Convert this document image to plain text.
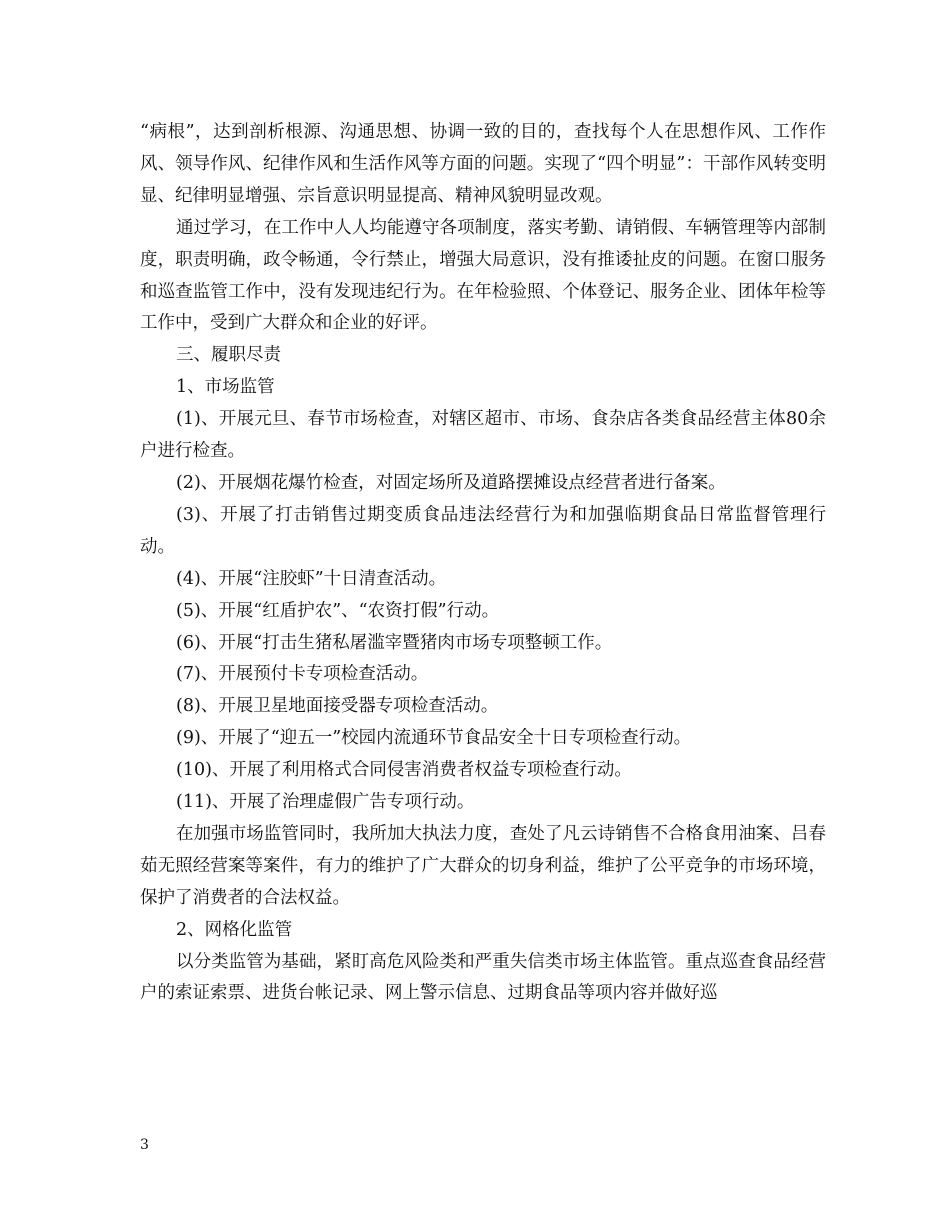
“病根”，达到剖析根源、沟通思想、协调一致的目的，查找每个人在思想作风、工作作风、领导作风、纪律作风和生活作风等方面的问题。实现了“四个明显”：干部作风转变明显、纪律明显增强、宗旨意识明显提高、精神风貌明显改观。

通过学习，在工作中人人均能遵守各项制度，落实考勤、请销假、车辆管理等内部制度，职责明确，政令畅通，令行禁止，增强大局意识，没有推诿扯皮的问题。在窗口服务和巡查监管工作中，没有发现违纪行为。在年检验照、个体登记、服务企业、团体年检等工作中，受到广大群众和企业的好评。

三、履职尽责

1、市场监管

(1)、开展元旦、春节市场检查，对辖区超市、市场、食杂店各类食品经营主体80余户进行检查。

(2)、开展烟花爆竹检查，对固定场所及道路摆摊设点经营者进行备案。

(3)、开展了打击销售过期变质食品违法经营行为和加强临期食品日常监督管理行动。

(4)、开展“注胶虾”十日清查活动。

(5)、开展“红盾护农”、“农资打假”行动。

(6)、开展“打击生猪私屠滥宰暨猪肉市场专项整顿工作。

(7)、开展预付卡专项检查活动。

(8)、开展卫星地面接受器专项检查活动。

(9)、开展了“迎五一”校园内流通环节食品安全十日专项检查行动。

(10)、开展了利用格式合同侵害消费者权益专项检查行动。

(11)、开展了治理虚假广告专项行动。

在加强市场监管同时，我所加大执法力度，查处了凡云诗销售不合格食用油案、吕春茹无照经营案等案件，有力的维护了广大群众的切身利益，维护了公平竞争的市场环境，保护了消费者的合法权益。

2、网格化监管

以分类监管为基础，紧盯高危风险类和严重失信类市场主体监管。重点巡查食品经营户的索证索票、进货台帐记录、网上警示信息、过期食品等项内容并做好巡

3
